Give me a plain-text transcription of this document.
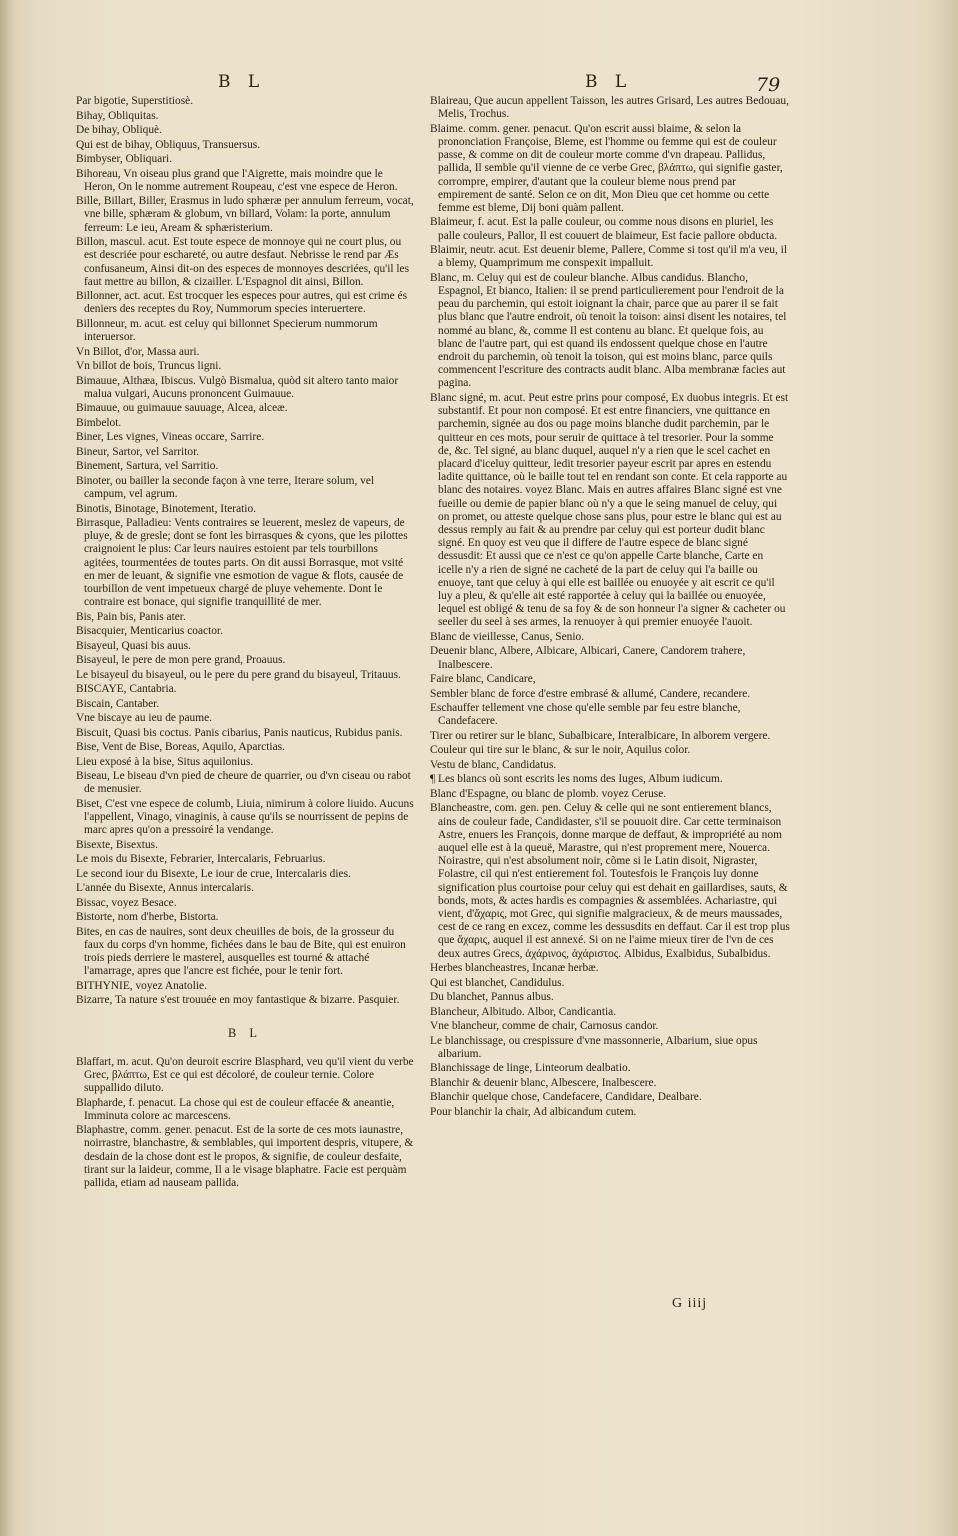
B L	B L	79

Par bigotie, Superstitiosè.

Bihay, Obliquitas.

De bihay, Obliquè.

Qui est de bihay, Obliquus, Transuersus.

Bimbyser, Obliquari.

Bihoreau, Vn oiseau plus grand que l'Aigrette, mais moindre que le Heron, On le nomme autrement Roupeau, c'est vne espece de Heron.

Bille, Billart, Biller, Erasmus in ludo sphæræ per annulum ferreum, vocat, vne bille, sphæram & globum, vn billard, Volam: la porte, annulum ferreum: Le ieu, Aream & sphæristerium.

Billon, mascul. acut. Est toute espece de monnoye qui ne court plus, ou est descriée pour eschareté, ou autre desfaut. Nebrisse le rend par Æs confusaneum, Ainsi dit-on des especes de monnoyes descriées, qu'il les faut mettre au billon, & cizailler. L'Espagnol dit ainsi, Billon.

Billonner, act. acut. Est trocquer les especes pour autres, qui est crime és deniers des receptes du Roy, Nummorum species interuertere.

Billonneur, m. acut. est celuy qui billonnet Specierum nummorum interuersor.

Vn Billot, d'or, Massa auri.

Vn billot de bois, Truncus ligni.

Bimauue, Althæa, Ibiscus. Vulgò Bismalua, quòd sit altero tanto maior malua vulgari, Aucuns prononcent Guimauue.

Bimauue, ou guimauue sauuage, Alcea, alceæ.

Bimbelot.

Biner, Les vignes, Vineas occare, Sarrire.

Bineur, Sartor, vel Sarritor.

Binement, Sartura, vel Sarritio.

Binoter, ou bailler la seconde façon à vne terre, Iterare solum, vel campum, vel agrum.

Binotis, Binotage, Binotement, Iteratio.

Birrasque, Palladieu: Vents contraires se leuerent, meslez de vapeurs, de pluye, & de gresle; dont se font les birrasques & cyons, que les pilottes craignoient le plus: Car leurs nauires estoient par tels tourbillons agitées, tourmentées de toutes parts. On dit aussi Borrasque, mot vsité en mer de leuant, & signifie vne esmotion de vague & flots, causée de tourbillon de vent impetueux chargé de pluye vehemente. Dont le contraire est bonace, qui signifie tranquillité de mer.

Bis, Pain bis, Panis ater.

Bisacquier, Menticarius coactor.

Bisayeul, Quasi bis auus.

Bisayeul, le pere de mon pere grand, Proauus.

Le bisayeul du bisayeul, ou le pere du pere grand du bisayeul, Tritauus.

BISCAYE, Cantabria.

Biscain, Cantaber.

Vne biscaye au ieu de paume.

Biscuit, Quasi bis coctus. Panis cibarius, Panis nauticus, Rubidus panis.

Bise, Vent de Bise, Boreas, Aquilo, Aparctias.

Lieu exposé à la bise, Situs aquilonius.

Biseau, Le biseau d'vn pied de cheure de quarrier, ou d'vn ciseau ou rabot de menusier.

Biset, C'est vne espece de columb, Liuia, nimirum à colore liuido. Aucuns l'appellent, Vinago, vinaginis, à cause qu'ils se nourrissent de pepins de marc apres qu'on a pressoiré la vendange.

Bisexte, Bisextus.

Le mois du Bisexte, Febrarier, Intercalaris, Februarius.

Le second iour du Bisexte, Le iour de crue, Intercalaris dies.

L'année du Bisexte, Annus intercalaris.

Bissac, voyez Besace.

Bistorte, nom d'herbe, Bistorta.

Bites, en cas de nauires, sont deux cheuilles de bois, de la grosseur du faux du corps d'vn homme, fichées dans le bau de Bite, qui est enuiron trois pieds derriere le masterel, ausquelles est tourné & attaché l'amarrage, apres que l'ancre est fichée, pour le tenir fort.

BITHYNIE, voyez Anatolie.

Bizarre, Ta nature s'est trouuée en moy fantastique & bizarre. Pasquier.

B L

Blaffart, m. acut. Qu'on deuroit escrire Blasphard, veu qu'il vient du verbe Grec, βλάπτω, Est ce qui est décoloré, de couleur ternie. Colore suppallido diluto.

Blapharde, f. penacut. La chose qui est de couleur effacée & aneantie, Imminuta colore ac marcescens.

Blaphastre, comm. gener. penacut. Est de la sorte de ces mots iaunastre, noirrastre, blanchastre, & semblables, qui importent despris, vitupere, & desdain de la chose dont est le propos, & signifie, de couleur desfaite, tirant sur la laideur, comme, Il a le visage blaphatre. Facie est perquàm pallida, etiam ad nauseam pallida.

Blaireau, Que aucun appellent Taisson, les autres Grisard, Les autres Bedouau, Melis, Trochus.

Blaime. comm. gener. penacut. Qu'on escrit aussi blaime, & selon la prononciation Françoise, Bleme, est l'homme ou femme qui est de couleur passe, & comme on dit de couleur morte comme d'vn drapeau. Pallidus, pallida, Il semble qu'il vienne de ce verbe Grec, βλάπτω, qui signifie gaster, corrompre, empirer, d'autant que la couleur bleme nous prend par empirement de santé. Selon ce on dit, Mon Dieu que cet homme ou cette femme est bleme, Dij boni quàm pallent.

Blaimeur, f. acut. Est la palle couleur, ou comme nous disons en pluriel, les palle couleurs, Pallor, Il est couuert de blaimeur, Est facie pallore obducta.

Blaimir, neutr. acut. Est deuenir bleme, Pallere, Comme si tost qu'il m'a veu, il a blemy, Quamprimum me conspexit impalluit.

Blanc, m. Celuy qui est de couleur blanche. Albus candidus. Blancho, Espagnol, Et bianco, Italien: il se prend particulierement pour l'endroit de la peau du parchemin, qui estoit ioignant la chair, parce que au parer il se fait plus blanc que l'autre endroit, où tenoit la toison: ainsi disent les notaires, tel nommé au blanc, &, comme Il est contenu au blanc. Et quelque fois, au blanc de l'autre part, qui est quand ils endossent quelque chose en l'autre endroit du parchemin, où tenoit la toison, qui est moins blanc, parce quils commencent l'escriture des contracts audit blanc. Alba membranæ facies aut pagina.

Blanc signé, m. acut. Peut estre prins pour composé, Ex duobus integris. Et est substantif. Et pour non composé. Et est entre financiers, vne quittance en parchemin, signée au dos ou page moins blanche dudit parchemin, par le quitteur en ces mots, pour seruir de quittace à tel tresorier. Pour la somme de, &c. Tel signé, au blanc duquel, auquel n'y a rien que le scel cachet en placard d'iceluy quitteur, ledit tresorier payeur escrit par apres en estendu ladite quittance, où le baille tout tel en rendant son conte. Et cela rapporte au blanc des notaires. voyez Blanc. Mais en autres affaires Blanc signé est vne fueille ou demie de papier blanc où n'y a que le seing manuel de celuy, qui on promet, ou atteste quelque chose sans plus, pour estre le blanc qui est au dessus remply au fait & au prendre par celuy qui est porteur dudit blanc signé. En quoy est veu que il differe de l'autre espece de blanc signé dessusdit: Et aussi que ce n'est ce qu'on appelle Carte blanche, Carte en icelle n'y a rien de signé ne cacheté de la part de celuy qui l'a baille ou enuoye, tant que celuy à qui elle est baillée ou enuoyée y ait escrit ce qu'il luy a pleu, & qu'elle ait esté rapportée à celuy qui la baillée ou enuoyée, lequel est obligé & tenu de sa foy & de son honneur l'a signer & cacheter ou seeller du seel à ses armes, la renuoyer à qui premier enuoyée l'auoit.

Blanc de vieillesse, Canus, Senio.

Deuenir blanc, Albere, Albicare, Albicari, Canere, Candorem trahere, Inalbescere.

Faire blanc, Candicare,

Sembler blanc de force d'estre embrasé & allumé, Candere, recandere.

Eschauffer tellement vne chose qu'elle semble par feu estre blanche, Candefacere.

Tirer ou retirer sur le blanc, Subalbicare, Interalbicare, In alborem vergere.

Couleur qui tire sur le blanc, & sur le noir, Aquilus color.

Vestu de blanc, Candidatus.

¶ Les blancs où sont escrits les noms des Iuges, Album iudicum.

Blanc d'Espagne, ou blanc de plomb. voyez Ceruse.

Blancheastre, com. gen. pen. Celuy & celle qui ne sont entierement blancs, ains de couleur fade, Candidaster, s'il se pouuoit dire. Car cette terminaison Astre, enuers les François, donne marque de deffaut, & impropriété au nom auquel elle est à la queuë, Marastre, qui n'est proprement mere, Nouerca. Noirastre, qui n'est absolument noir, cõme si le Latin disoit, Nigraster, Folastre, cil qui n'est entierement fol. Toutesfois le François luy donne signification plus courtoise pour celuy qui est dehait en gaillardises, sauts, & bonds, mots, & actes hardis es compagnies & assemblées. Acharіastre, qui vient, d'ἄχαρις, mot Grec, qui signifie malgracieux, & de meurs maussades, cest de ce rang en excez, comme les dessusdits en deffaut. Car il est trop plus que ἄχαρις, auquel il est annexé. Si on ne l'aime mieux tirer de l'vn de ces deux autres Grecs, ἀχάρινος, ἀχάριστος. Albidus, Exalbidus, Subalbidus.

Herbes blancheastres, Incanæ herbæ.

Qui est blanchet, Candidulus.

Du blanchet, Pannus albus.

Blancheur, Albitudo. Albor, Candicantia.

Vne blancheur, comme de chair, Carnosus candor.

Le blanchissage, ou crespissure d'vne massonnerie, Albarium, siue opus albarium.

Blanchissage de linge, Linteorum dealbatio.

Blanchir & deuenir blanc, Albescere, Inalbescere.

Blanchir quelque chose, Candefacere, Candidare, Dealbare.

Pour blanchir la chair, Ad albicandum cutem.

G iiij
